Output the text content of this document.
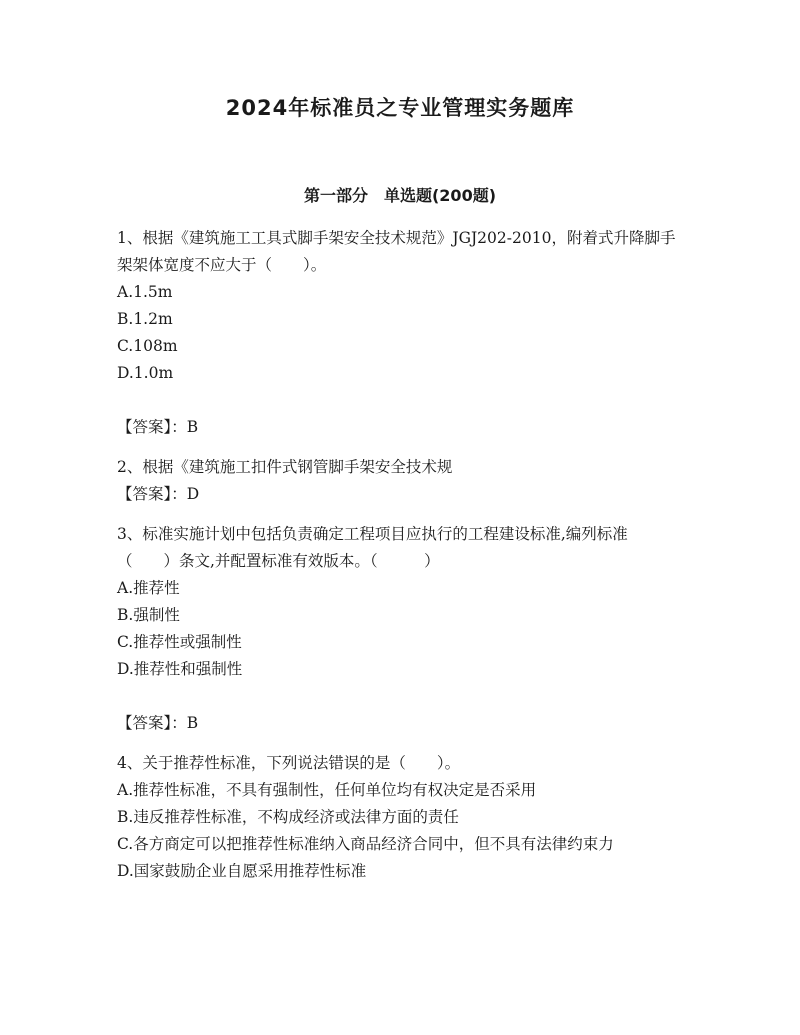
2024年标准员之专业管理实务题库
第一部分 单选题(200题)

1、根据《建筑施工工具式脚手架安全技术规范》JGJ202-2010，附着式升降脚手架架体宽度不应大于（　　）。

A.1.5m

B.1.2m

C.108m

D.1.0m

【答案】：B

2、根据《建筑施工扣件式钢管脚手架安全技术规

【答案】：D

3、标准实施计划中包括负责确定工程项目应执行的工程建设标准,编列标准（　　）条文,并配置标准有效版本。（　　　）

A.推荐性

B.强制性

C.推荐性或强制性

D.推荐性和强制性

【答案】：B

4、关于推荐性标准，下列说法错误的是（　　）。

A.推荐性标准，不具有强制性，任何单位均有权决定是否采用

B.违反推荐性标准，不构成经济或法律方面的责任

C.各方商定可以把推荐性标准纳入商品经济合同中，但不具有法律约束力

D.国家鼓励企业自愿采用推荐性标准
